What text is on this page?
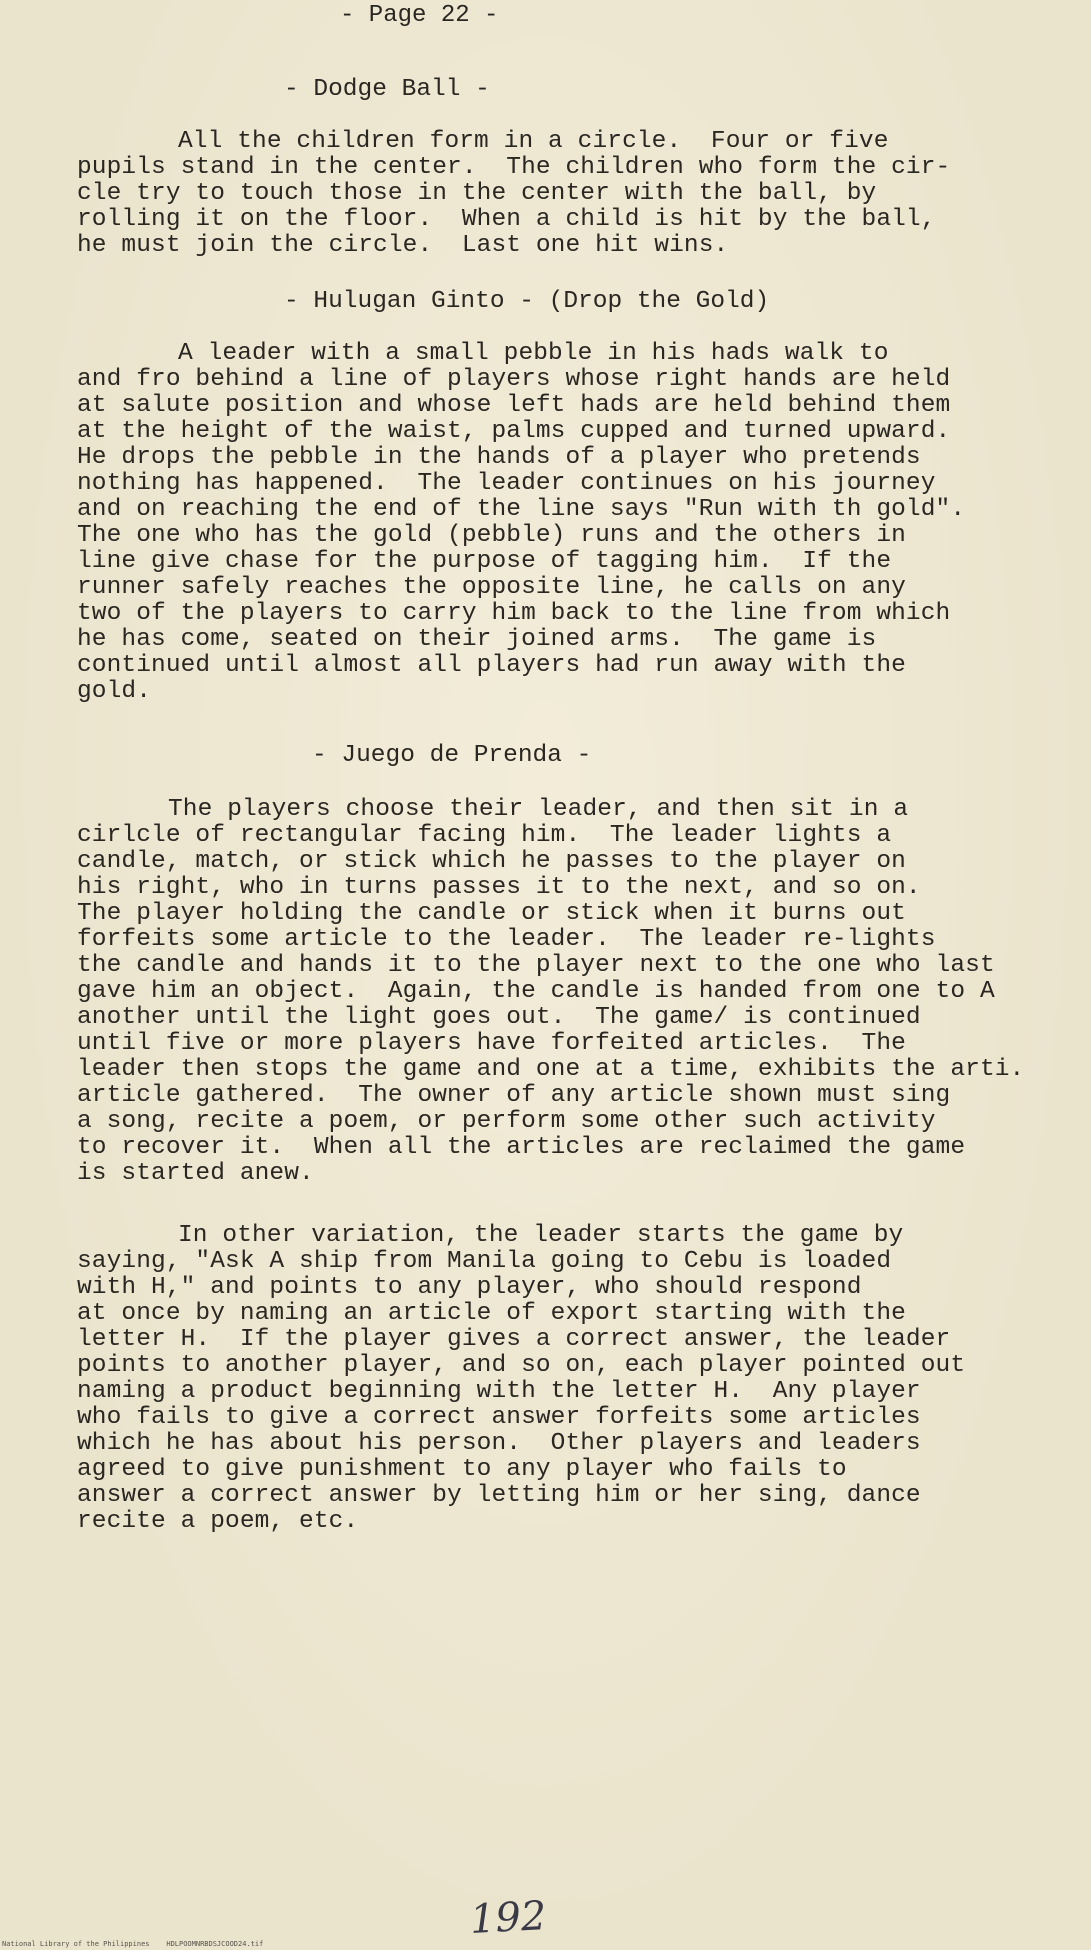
- Page 22 -
- Dodge Ball -
All the children form in a circle.  Four or five
pupils stand in the center.  The children who form the cir-
cle try to touch those in the center with the ball, by
rolling it on the floor.  When a child is hit by the ball,
he must join the circle.  Last one hit wins.
- Hulugan Ginto - (Drop the Gold)
A leader with a small pebble in his hads walk to
and fro behind a line of players whose right hands are held
at salute position and whose left hads are held behind them
at the height of the waist, palms cupped and turned upward.
He drops the pebble in the hands of a player who pretends
nothing has happened.  The leader continues on his journey
and on reaching the end of the line says "Run with th gold".
The one who has the gold (pebble) runs and the others in
line give chase for the purpose of tagging him.  If the
runner safely reaches the opposite line, he calls on any
two of the players to carry him back to the line from which
he has come, seated on their joined arms.  The game is
continued until almost all players had run away with the
gold.
- Juego de Prenda -
The players choose their leader, and then sit in a
cirlcle of rectangular facing him.  The leader lights a
candle, match, or stick which he passes to the player on
his right, who in turns passes it to the next, and so on.
The player holding the candle or stick when it burns out
forfeits some article to the leader.  The leader re-lights
the candle and hands it to the player next to the one who last
gave him an object.  Again, the candle is handed from one to A
another until the light goes out.  The game/ is continued
until five or more players have forfeited articles.  The
leader then stops the game and one at a time, exhibits the arti.
article gathered.  The owner of any article shown must sing
a song, recite a poem, or perform some other such activity
to recover it.  When all the articles are reclaimed the game
is started anew.
In other variation, the leader starts the game by
saying, "Ask A ship from Manila going to Cebu is loaded
with H," and points to any player, who should respond
at once by naming an article of export starting with the
letter H.  If the player gives a correct answer, the leader
points to another player, and so on, each player pointed out
naming a product beginning with the letter H.  Any player
who fails to give a correct answer forfeits some articles
which he has about his person.  Other players and leaders
agreed to give punishment to any player who fails to
answer a correct answer by letting him or her sing, dance
recite a poem, etc.
192
National Library of the Philippines    HDLPOOMNRBDSJCOOD24.tif
